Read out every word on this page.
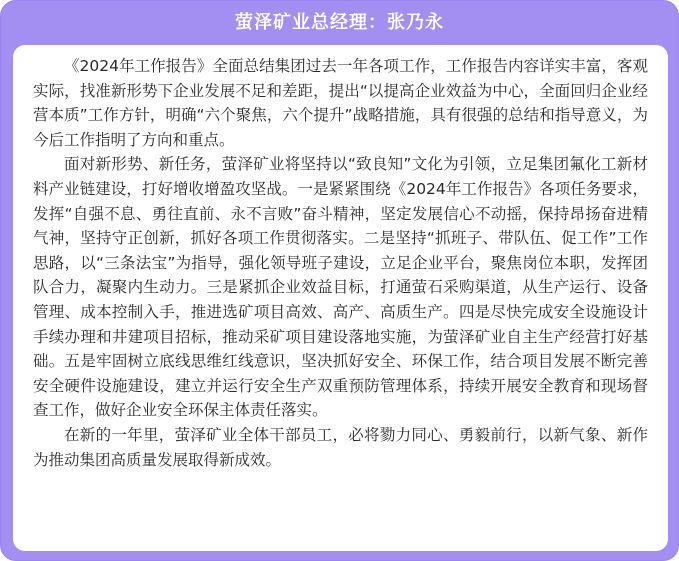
萤泽矿业总经理：张乃永

《2024年工作报告》全面总结集团过去一年各项工作，工作报告内容详实丰富，客观实际，找准新形势下企业发展不足和差距，提出“以提高企业效益为中心，全面回归企业经营本质”工作方针，明确“六个聚焦，六个提升”战略措施，具有很强的总结和指导意义，为今后工作指明了方向和重点。

面对新形势、新任务，萤泽矿业将坚持以“致良知”文化为引领，立足集团氟化工新材料产业链建设，打好增收增盈攻坚战。一是紧紧围绕《2024年工作报告》各项任务要求，发挥“自强不息、勇往直前、永不言败”奋斗精神，坚定发展信心不动摇，保持昂扬奋进精气神，坚持守正创新，抓好各项工作贯彻落实。二是坚持“抓班子、带队伍、促工作”工作思路，以“三条法宝”为指导，强化领导班子建设，立足企业平台，聚焦岗位本职，发挥团队合力，凝聚内生动力。三是紧抓企业效益目标，打通萤石采购渠道，从生产运行、设备管理、成本控制入手，推进选矿项目高效、高产、高质生产。四是尽快完成安全设施设计手续办理和井建项目招标，推动采矿项目建设落地实施，为萤泽矿业自主生产经营打好基础。五是牢固树立底线思维红线意识，坚决抓好安全、环保工作，结合项目发展不断完善安全硬件设施建设，建立并运行安全生产双重预防管理体系，持续开展安全教育和现场督查工作，做好企业安全环保主体责任落实。

在新的一年里，萤泽矿业全体干部员工，必将勠力同心、勇毅前行，以新气象、新作为推动集团高质量发展取得新成效。
